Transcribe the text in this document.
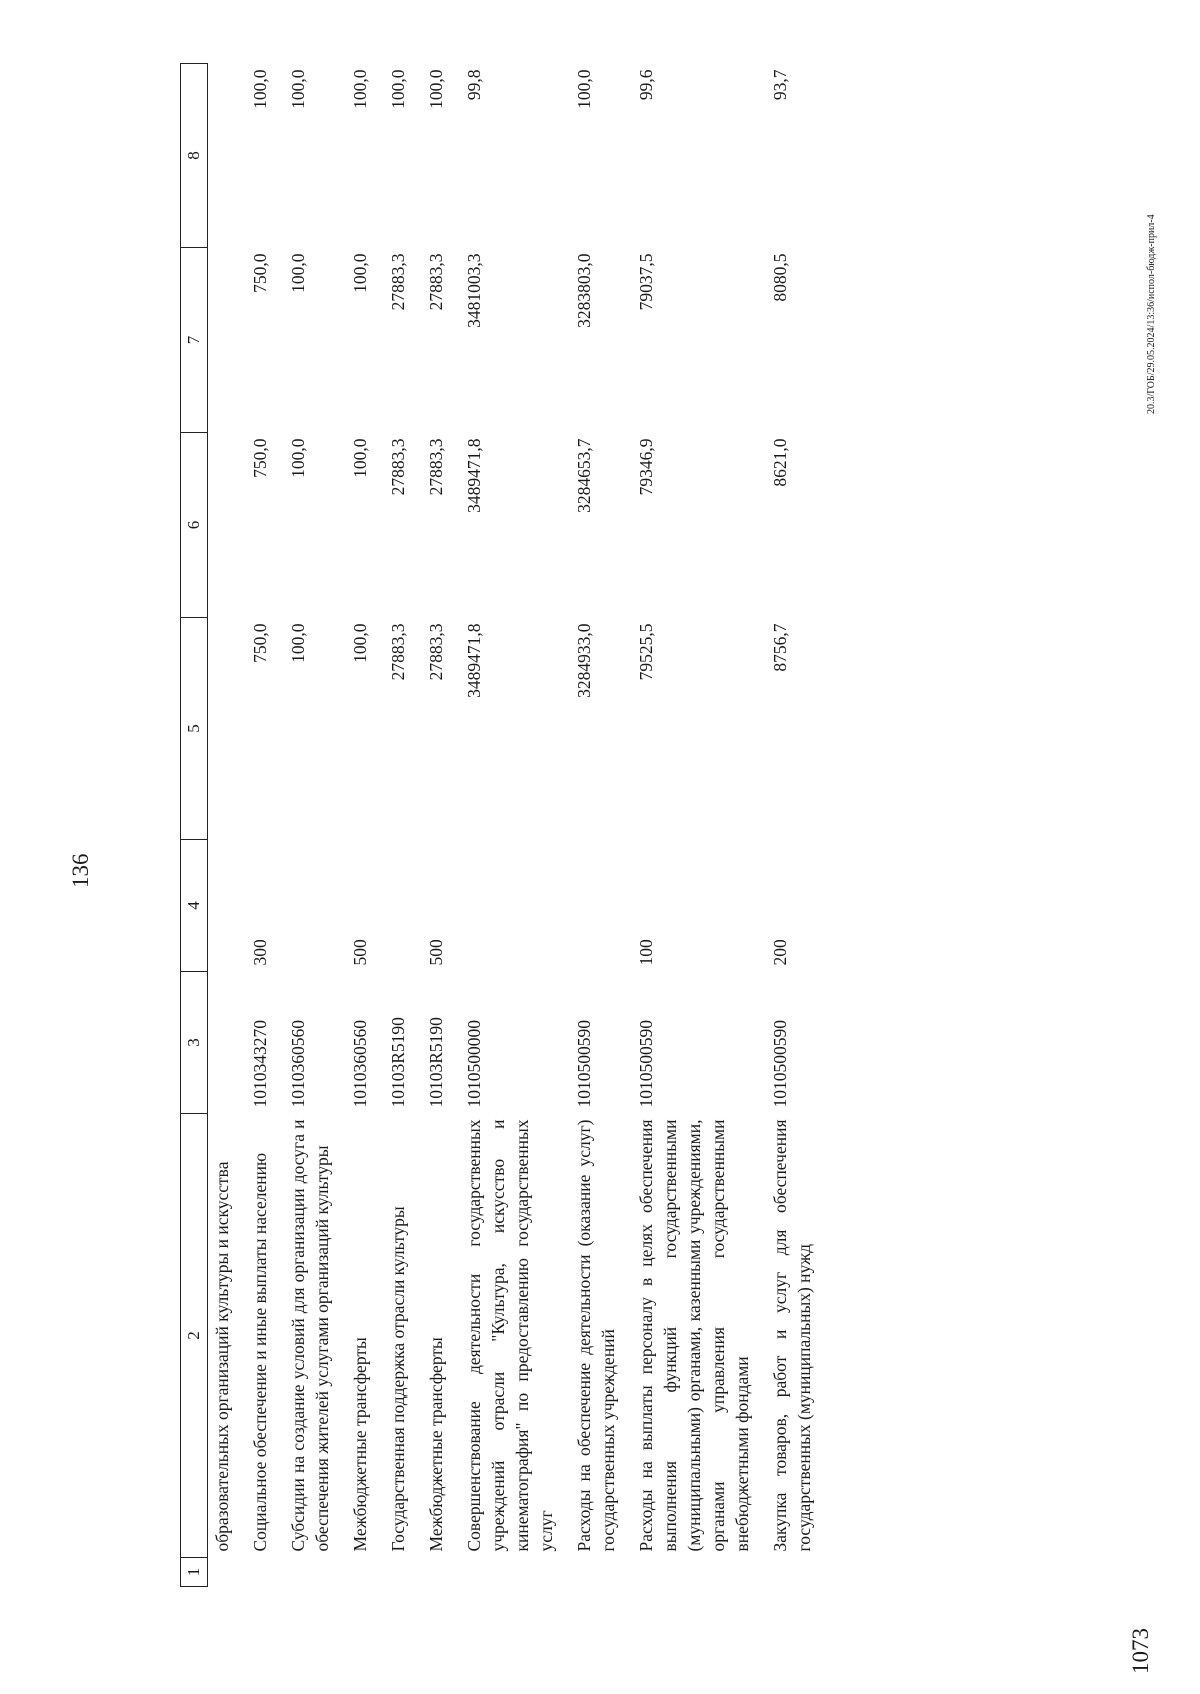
136
1	2	3	4	5	6	7	8
	образовательных организаций культуры и искусства						
	Социальное обеспечение и иные выплаты населению	1010343270	300	750,0	750,0	750,0	100,0
	Субсидии на создание условий для организации досуга и обеспечения жителей услугами организаций культуры	1010360560		100,0	100,0	100,0	100,0
	Межбюджетные трансферты	1010360560	500	100,0	100,0	100,0	100,0
	Государственная поддержка отрасли культуры	10103R5190		27883,3	27883,3	27883,3	100,0
	Межбюджетные трансферты	10103R5190	500	27883,3	27883,3	27883,3	100,0
	Совершенствование деятельности государственных учреждений отрасли "Культура, искусство и кинематография" по предоставлению государственных услуг	1010500000		3489471,8	3489471,8	3481003,3	99,8
	Расходы на обеспечение деятельности (оказание услуг) государственных учреждений	1010500590		3284933,0	3284653,7	3283803,0	100,0
	Расходы на выплаты персоналу в целях обеспечения выполнения функций государственными (муниципальными) органами, казенными учреждениями, органами управления государственными внебюджетными фондами	1010500590	100	79525,5	79346,9	79037,5	99,6
	Закупка товаров, работ и услуг для обеспечения государственных (муниципальных) нужд	1010500590	200	8756,7	8621,0	8080,5	93,7
1073
20.3/ГОБ/29.05.2024/13:36/испол-бюдж-прил-4
